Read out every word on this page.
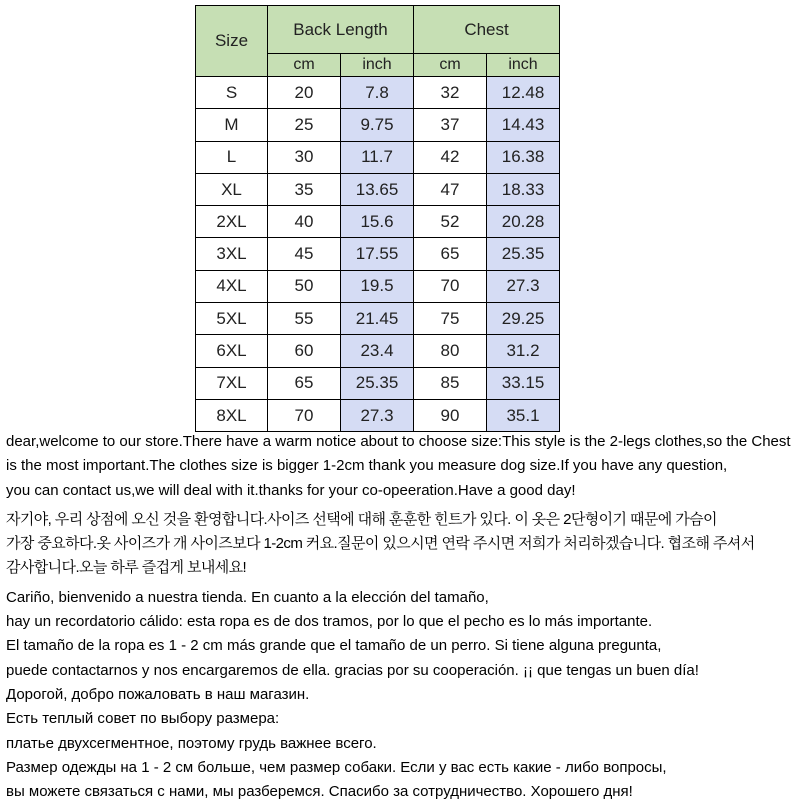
Size	Back Length		Chest	
	cm	inch	cm	inch
S	20	7.8	32	12.48
M	25	9.75	37	14.43
L	30	11.7	42	16.38
XL	35	13.65	47	18.33
2XL	40	15.6	52	20.28
3XL	45	17.55	65	25.35
4XL	50	19.5	70	27.3
5XL	55	21.45	75	29.25
6XL	60	23.4	80	31.2
7XL	65	25.35	85	33.15
8XL	70	27.3	90	35.1
dear,welcome to our store.There have a warm notice about to choose size:This style is the 2-legs clothes,so the Chest
is the most important.The clothes size is bigger 1-2cm thank you measure dog size.If you have any question,
you can contact us,we will deal with it.thanks for your co-opeeration.Have a good day!
자기야, 우리 상점에 오신 것을 환영합니다.사이즈 선택에 대해 훈훈한 힌트가 있다. 이 옷은 2단형이기 때문에 가슴이
가장 중요하다.옷 사이즈가 개 사이즈보다 1-2cm 커요.질문이 있으시면 연락 주시면 저희가 처리하겠습니다. 협조해 주셔서
감사합니다.오늘 하루 즐겁게 보내세요!
Cariño, bienvenido a nuestra tienda. En cuanto a la elección del tamaño,
hay un recordatorio cálido: esta ropa es de dos tramos, por lo que el pecho es lo más importante.
El tamaño de la ropa es 1 - 2 cm más grande que el tamaño de un perro. Si tiene alguna pregunta,
puede contactarnos y nos encargaremos de ella. gracias por su cooperación. ¡¡ que tengas un buen día!
Дорогой, добро пожаловать в наш магазин.
Есть теплый совет по выбору размера:
платье двухсегментное, поэтому грудь важнее всего.
Размер одежды на 1 - 2 см больше, чем размер собаки. Если у вас есть какие - либо вопросы,
вы можете связаться с нами, мы разберемся. Спасибо за сотрудничество. Хорошего дня!
